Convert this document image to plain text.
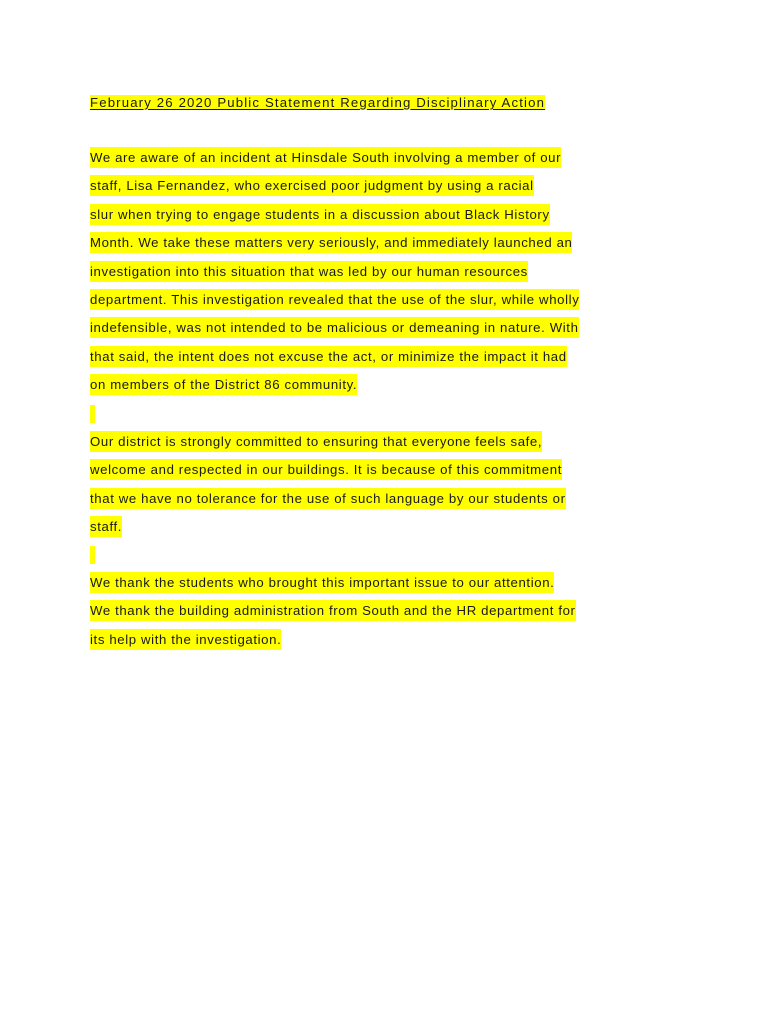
February 26 2020 Public Statement Regarding Disciplinary Action
We are aware of an incident at Hinsdale South involving a member of our
staff, Lisa Fernandez, who exercised poor judgment by using a racial
slur when trying to engage students in a discussion about Black History
Month. We take these matters very seriously, and immediately launched an
investigation into this situation that was led by our human resources
department. This investigation revealed that the use of the slur, while wholly
indefensible, was not intended to be malicious or demeaning in nature. With
that said, the intent does not excuse the act, or minimize the impact it had
on members of the District 86 community.
Our district is strongly committed to ensuring that everyone feels safe,
welcome and respected in our buildings. It is because of this commitment
that we have no tolerance for the use of such language by our students or
staff.
We thank the students who brought this important issue to our attention.
We thank the building administration from South and the HR department for
its help with the investigation.
